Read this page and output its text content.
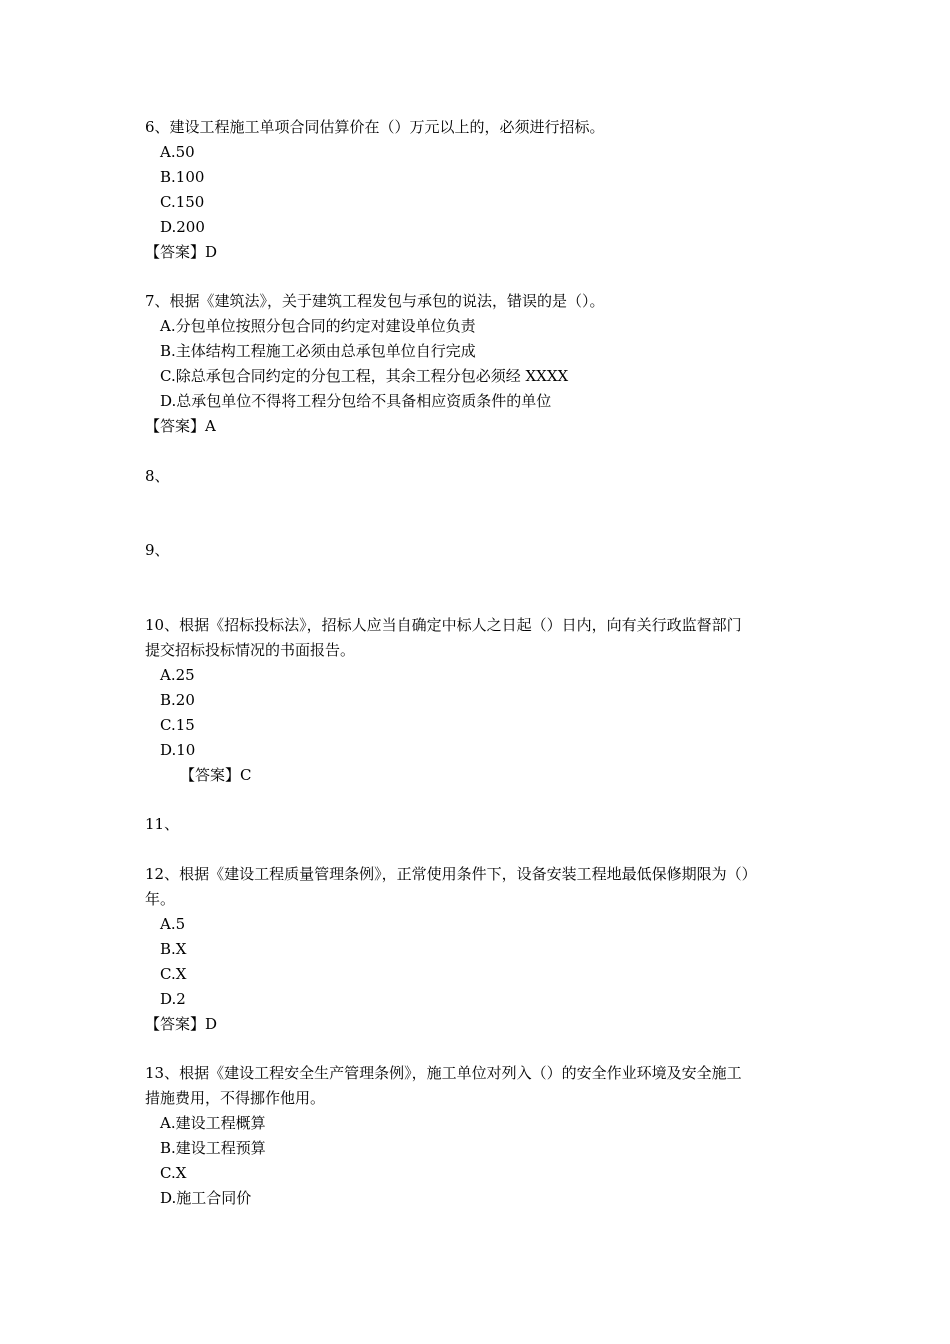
6、建设工程施工单项合同估算价在（）万元以上的，必须进行招标。
A.50
B.100
C.150
D.200
【答案】D
7、根据《建筑法》，关于建筑工程发包与承包的说法，错误的是（）。
A.分包单位按照分包合同的约定对建设单位负责
B.主体结构工程施工必须由总承包单位自行完成
C.除总承包合同约定的分包工程，其余工程分包必须经 XXXX
D.总承包单位不得将工程分包给不具备相应资质条件的单位
【答案】A
8、
9、
10、根据《招标投标法》，招标人应当自确定中标人之日起（）日内，向有关行政监督部门
提交招标投标情况的书面报告。
A.25
B.20
C.15
D.10
【答案】C
11、
12、根据《建设工程质量管理条例》，正常使用条件下，设备安装工程地最低保修期限为（）
年。
A.5
B.X
C.X
D.2
【答案】D
13、根据《建设工程安全生产管理条例》，施工单位对列入（）的安全作业环境及安全施工
措施费用，不得挪作他用。
A.建设工程概算
B.建设工程预算
C.X
D.施工合同价
